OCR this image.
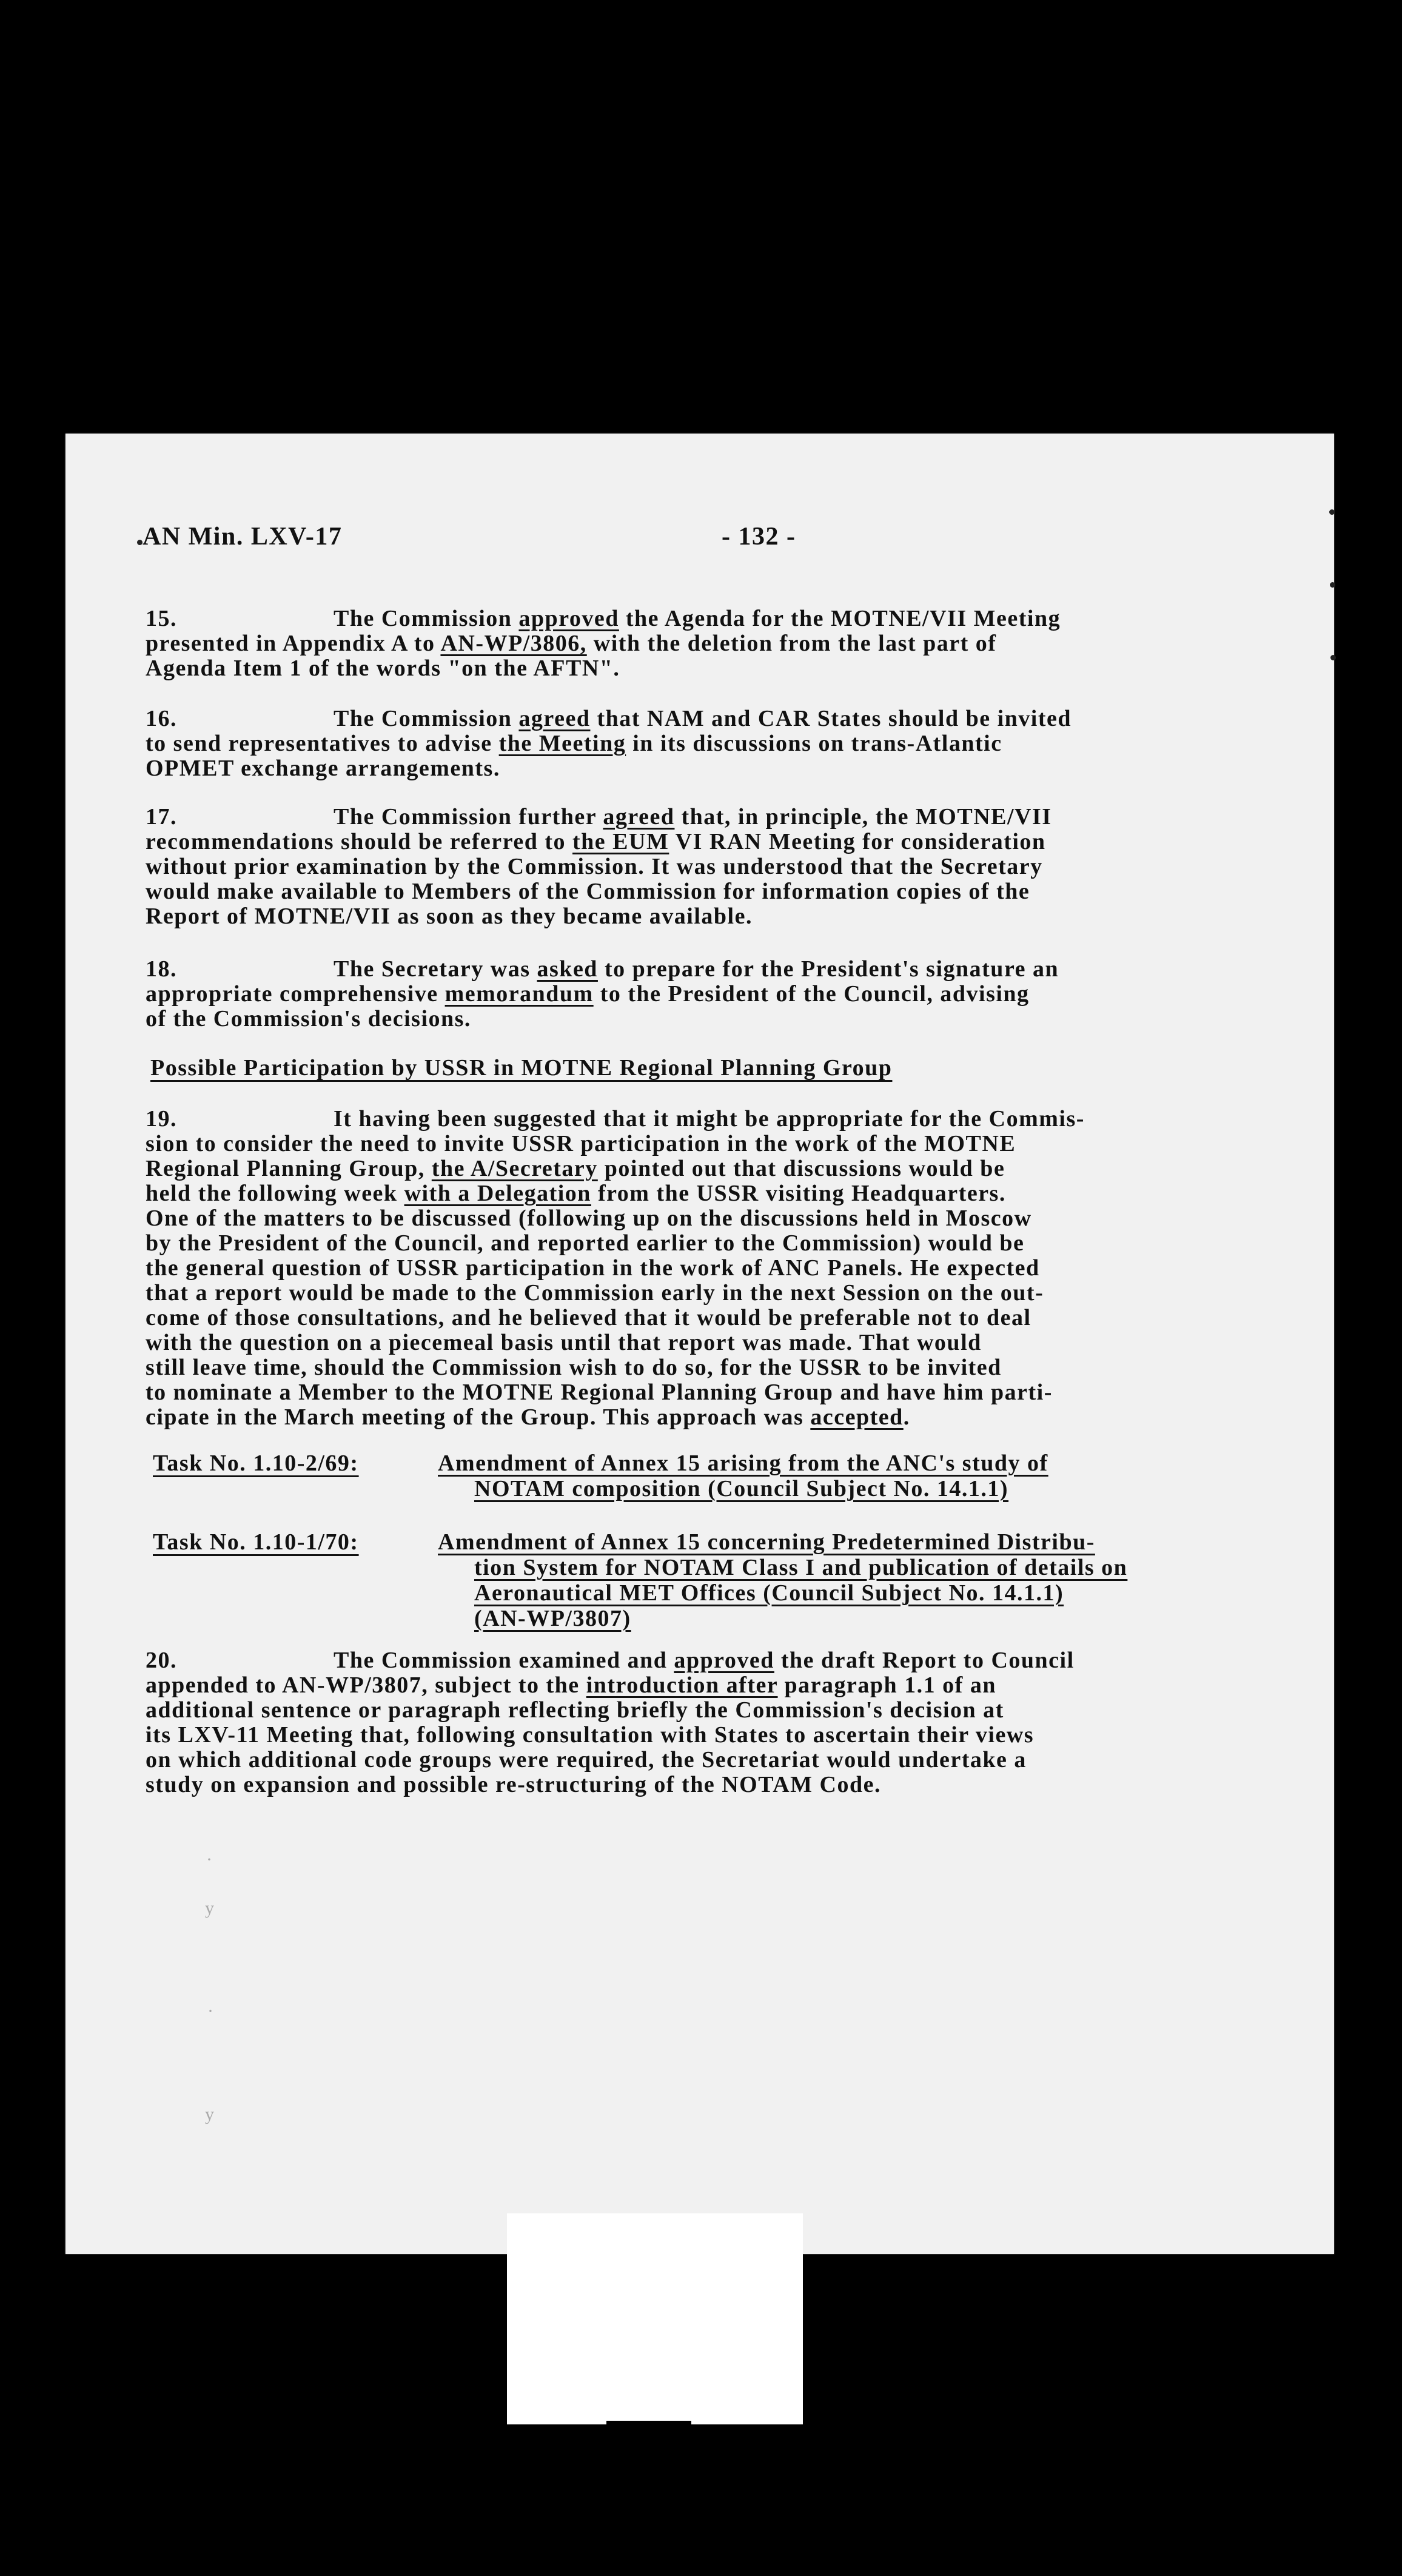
AN Min. LXV-17	- 132 -
15.	The Commission approved the Agenda for the MOTNE/VII Meeting
presented in Appendix A to AN-WP/3806, with the deletion from the last part of
Agenda Item 1 of the words "on the AFTN".
16.	The Commission agreed that NAM and CAR States should be invited
to send representatives to advise the Meeting in its discussions on trans-Atlantic
OPMET exchange arrangements.
17.	The Commission further agreed that, in principle, the MOTNE/VII
recommendations should be referred to the EUM VI RAN Meeting for consideration
without prior examination by the Commission. It was understood that the Secretary
would make available to Members of the Commission for information copies of the
Report of MOTNE/VII as soon as they became available.
18.	The Secretary was asked to prepare for the President's signature an
appropriate comprehensive memorandum to the President of the Council, advising
of the Commission's decisions.
Possible Participation by USSR in MOTNE Regional Planning Group
19.	It having been suggested that it might be appropriate for the Commis-
sion to consider the need to invite USSR participation in the work of the MOTNE
Regional Planning Group, the A/Secretary pointed out that discussions would be
held the following week with a Delegation from the USSR visiting Headquarters.
One of the matters to be discussed (following up on the discussions held in Moscow
by the President of the Council, and reported earlier to the Commission) would be
the general question of USSR participation in the work of ANC Panels. He expected
that a report would be made to the Commission early in the next Session on the out-
come of those consultations, and he believed that it would be preferable not to deal
with the question on a piecemeal basis until that report was made. That would
still leave time, should the Commission wish to do so, for the USSR to be invited
to nominate a Member to the MOTNE Regional Planning Group and have him parti-
cipate in the March meeting of the Group. This approach was accepted.
Task No. 1.10-2/69:	Amendment of Annex 15 arising from the ANC's study of
NOTAM composition (Council Subject No. 14.1.1)
Task No. 1.10-1/70:	Amendment of Annex 15 concerning Predetermined Distribu-
tion System for NOTAM Class I and publication of details on
Aeronautical MET Offices (Council Subject No. 14.1.1)
(AN-WP/3807)
20.	The Commission examined and approved the draft Report to Council
appended to AN-WP/3807, subject to the introduction after paragraph 1.1 of an
additional sentence or paragraph reflecting briefly the Commission's decision at
its LXV-11 Meeting that, following consultation with States to ascertain their views
on which additional code groups were required, the Secretariat would undertake a
study on expansion and possible re-structuring of the NOTAM Code.
·
y
·
y
